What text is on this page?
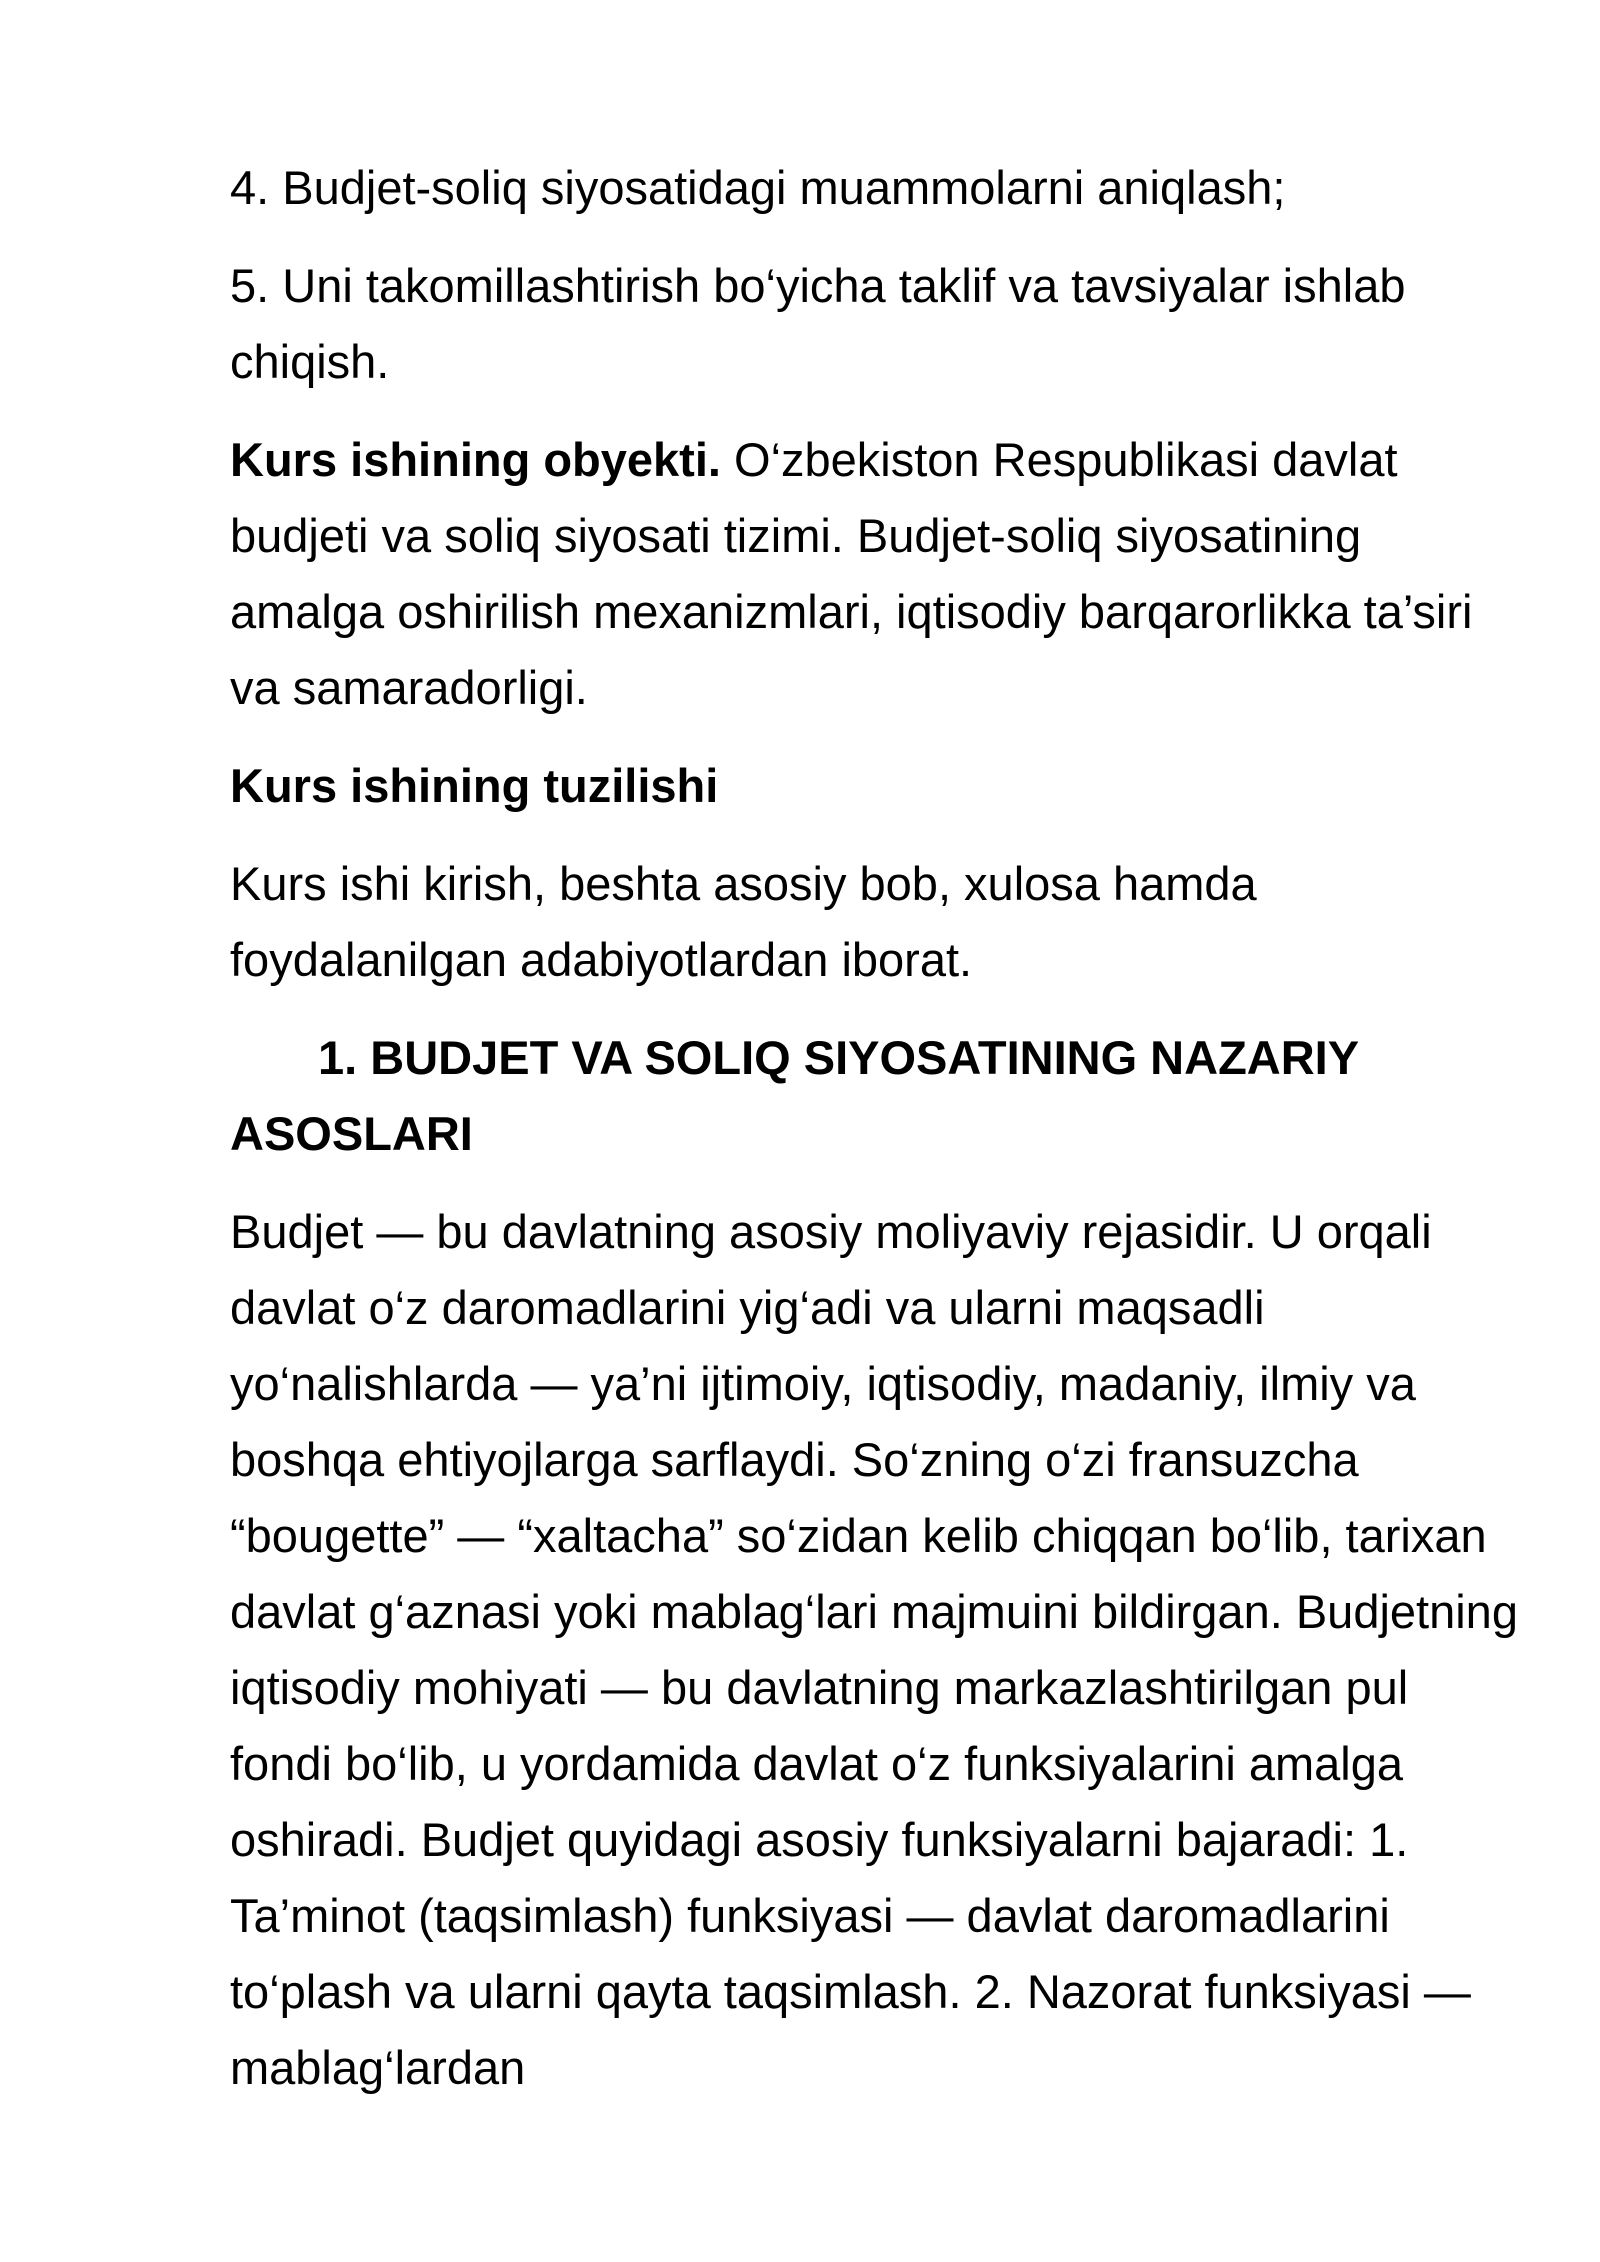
4. Budjet-soliq siyosatidagi muammolarni aniqlash;

5. Uni takomillashtirish bo‘yicha taklif va tavsiyalar ishlab chiqish.

Kurs ishining obyekti. O‘zbekiston Respublikasi davlat budjeti va soliq siyosati tizimi. Budjet-soliq siyosatining amalga oshirilish mexanizmlari, iqtisodiy barqarorlikka ta’siri va samaradorligi.

Kurs ishining tuzilishi

Kurs ishi kirish, beshta asosiy bob, xulosa hamda foydalanilgan adabiyotlardan iborat.

1. BUDJET VA SOLIQ SIYOSATINING NAZARIY ASOSLARI

Budjet — bu davlatning asosiy moliyaviy rejasidir. U orqali davlat o‘z daromadlarini yig‘adi va ularni maqsadli yo‘nalishlarda — ya’ni ijtimoiy, iqtisodiy, madaniy, ilmiy va boshqa ehtiyojlarga sarflaydi. So‘zning o‘zi fransuzcha “bougette” — “xaltacha” so‘zidan kelib chiqqan bo‘lib, tarixan davlat g‘aznasi yoki mablag‘lari majmuini bildirgan. Budjetning iqtisodiy mohiyati — bu davlatning markazlashtirilgan pul fondi bo‘lib, u yordamida davlat o‘z funksiyalarini amalga oshiradi. Budjet quyidagi asosiy funksiyalarni bajaradi: 1. Ta’minot (taqsimlash) funksiyasi — davlat daromadlarini to‘plash va ularni qayta taqsimlash. 2. Nazorat funksiyasi — mablag‘lardan
